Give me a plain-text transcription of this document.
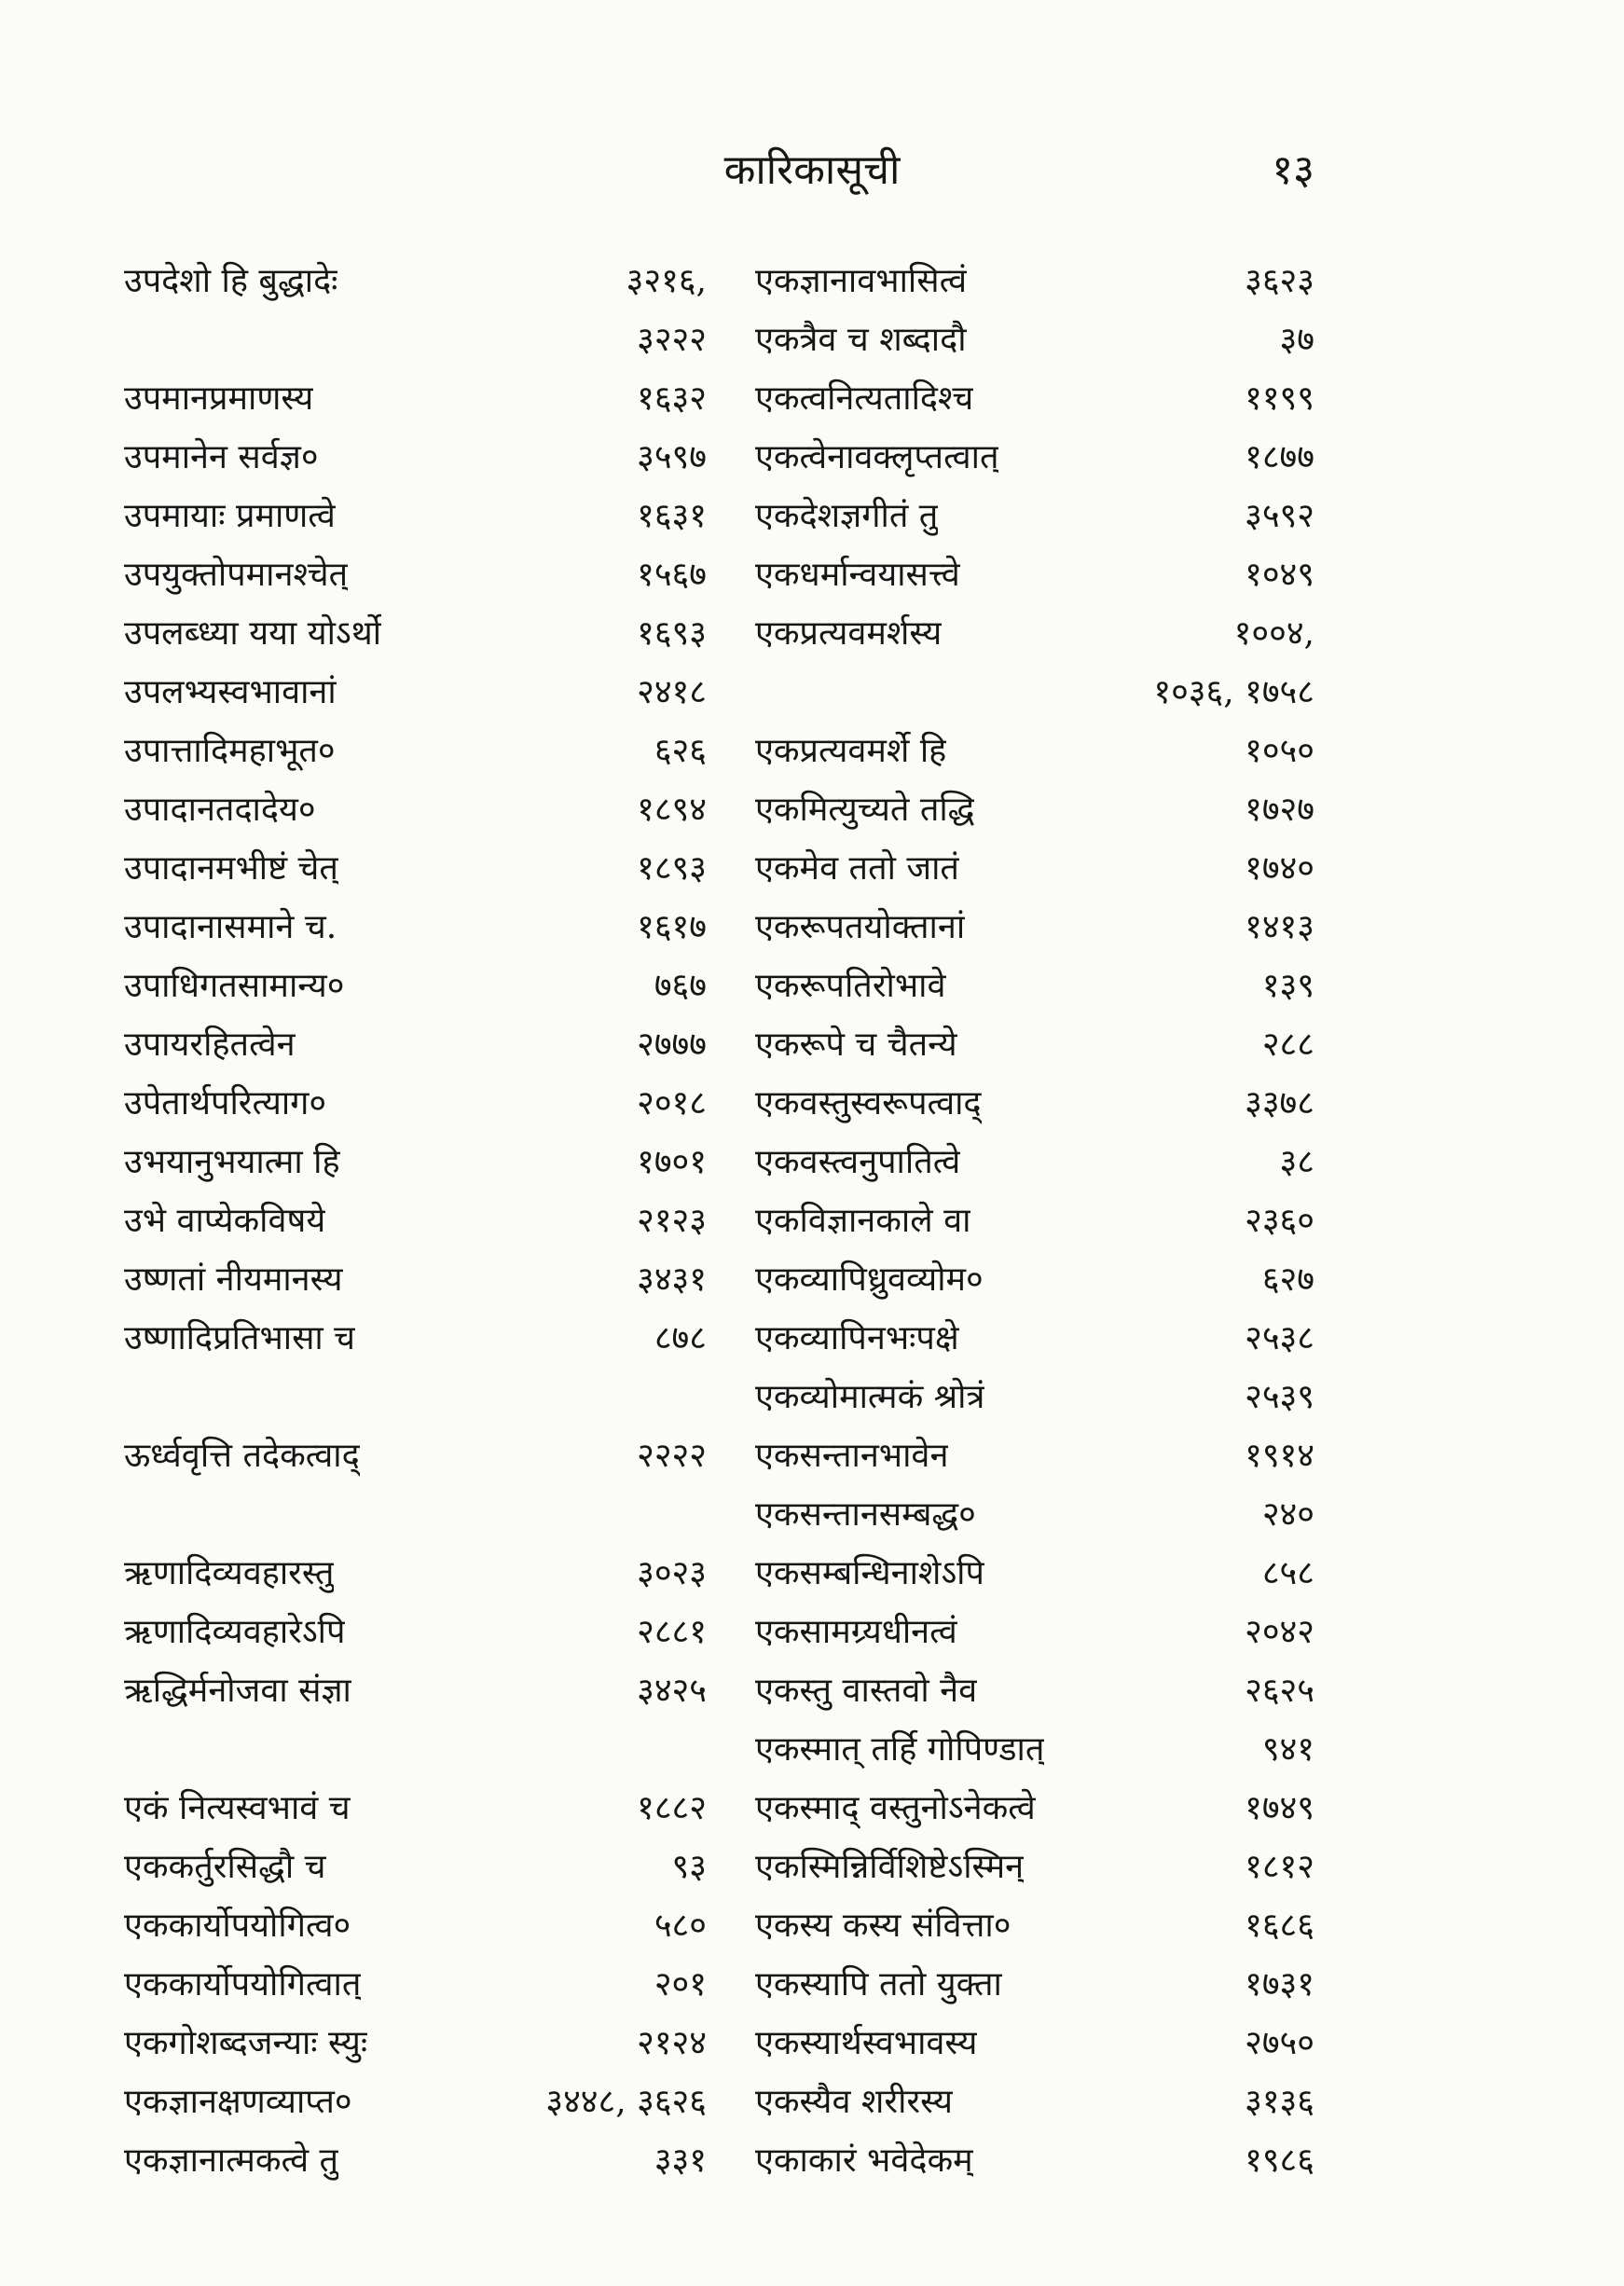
कारिकासूची	१३
उपदेशो हि बुद्धादेः	३२१६,
३२२२
उपमानप्रमाणस्य	१६३२
उपमानेन सर्वज्ञ०	३५९७
उपमायाः प्रमाणत्वे	१६३१
उपयुक्तोपमानश्चेत्	१५६७
उपलब्ध्या यया योऽर्थो	१६९३
उपलभ्यस्वभावानां	२४१८
उपात्तादिमहाभूत०	६२६
उपादानतदादेय०	१८९४
उपादानमभीष्टं चेत्	१८९३
उपादानासमाने च.	१६१७
उपाधिगतसामान्य०	७६७
उपायरहितत्वेन	२७७७
उपेतार्थपरित्याग०	२०१८
उभयानुभयात्मा हि	१७०१
उभे वाप्येकविषये	२१२३
उष्णतां नीयमानस्य	३४३१
उष्णादिप्रतिभासा च	८७८
ऊर्ध्ववृत्ति तदेकत्वाद्	२२२२
ऋणादिव्यवहारस्तु	३०२३
ऋणादिव्यवहारेऽपि	२८८१
ऋद्धिर्मनोजवा संज्ञा	३४२५
एकं नित्यस्वभावं च	१८८२
एककर्तुरसिद्धौ च	९३
एककार्योपयोगित्व०	५८०
एककार्योपयोगित्वात्	२०१
एकगोशब्दजन्याः स्युः	२१२४
एकज्ञानक्षणव्याप्त०	३४४८, ३६२६
एकज्ञानात्मकत्वे तु	३३१
एकज्ञानावभासित्वं	३६२३
एकत्रैव च शब्दादौ	३७
एकत्वनित्यतादिश्च	११९९
एकत्वेनावक्लृप्तत्वात्	१८७७
एकदेशज्ञगीतं तु	३५९२
एकधर्मान्वयासत्त्वे	१०४९
एकप्रत्यवमर्शस्य	१००४,
१०३६, १७५८
एकप्रत्यवमर्शे हि	१०५०
एकमित्युच्यते तद्धि	१७२७
एकमेव ततो जातं	१७४०
एकरूपतयोक्तानां	१४१३
एकरूपतिरोभावे	१३९
एकरूपे च चैतन्ये	२८८
एकवस्तुस्वरूपत्वाद्	३३७८
एकवस्त्वनुपातित्वे	३८
एकविज्ञानकाले वा	२३६०
एकव्यापिध्रुवव्योम०	६२७
एकव्यापिनभःपक्षे	२५३८
एकव्योमात्मकं श्रोत्रं	२५३९
एकसन्तानभावेन	१९१४
एकसन्तानसम्बद्ध०	२४०
एकसम्बन्धिनाशेऽपि	८५८
एकसामग्र्यधीनत्वं	२०४२
एकस्तु वास्तवो नैव	२६२५
एकस्मात् तर्हि गोपिण्डात्	९४१
एकस्माद् वस्तुनोऽनेकत्वे	१७४९
एकस्मिन्निर्विशिष्टेऽस्मिन्	१८१२
एकस्य कस्य संवित्ता०	१६८६
एकस्यापि ततो युक्ता	१७३१
एकस्यार्थस्वभावस्य	२७५०
एकस्यैव शरीरस्य	३१३६
एकाकारं भवेदेकम्	१९८६
